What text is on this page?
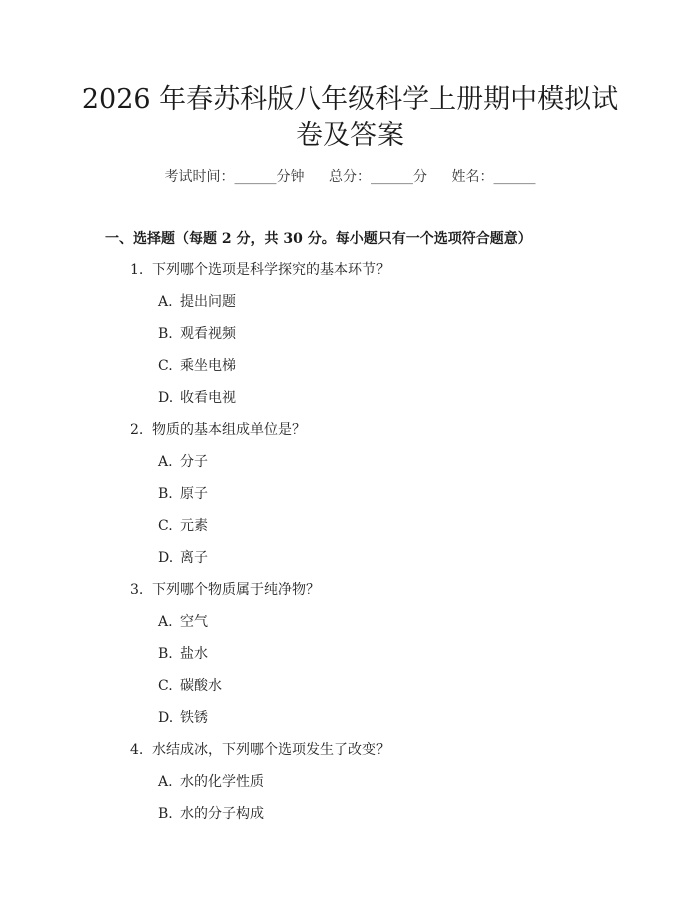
2026 年春苏科版八年级科学上册期中模拟试
卷及答案
考试时间：______分钟 总分：______分 姓名：______
一、选择题（每题 2 分，共 30 分。每小题只有一个选项符合题意）
1. 下列哪个选项是科学探究的基本环节？
A. 提出问题
B. 观看视频
C. 乘坐电梯
D. 收看电视
2. 物质的基本组成单位是？
A. 分子
B. 原子
C. 元素
D. 离子
3. 下列哪个物质属于纯净物？
A. 空气
B. 盐水
C. 碳酸水
D. 铁锈
4. 水结成冰，下列哪个选项发生了改变？
A. 水的化学性质
B. 水的分子构成
